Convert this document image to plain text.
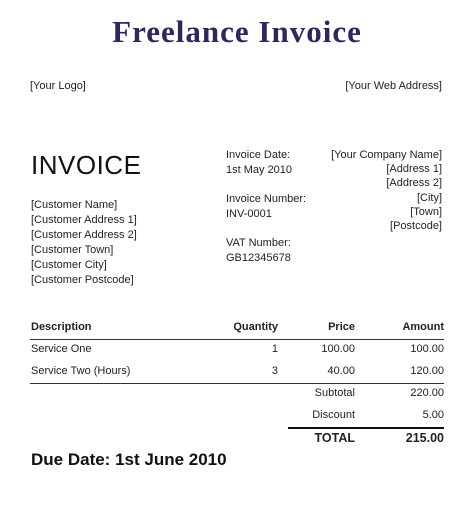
Freelance Invoice
[Your Logo]	[Your Web Address]
INVOICE
[Customer Name]
[Customer Address 1]
[Customer Address 2]
[Customer Town]
[Customer City]
[Customer Postcode]
Invoice Date:
1st May 2010
Invoice Number:
INV-0001
VAT Number:
GB12345678
[Your Company Name]
[Address 1]
[Address 2]
[City]
[Town]
[Postcode]
Description	Quantity	Price	Amount
Service One	1	100.00	100.00
Service Two (Hours)	3	40.00	120.00
Subtotal	220.00
Discount	5.00
TOTAL	215.00
Due Date: 1st June 2010
